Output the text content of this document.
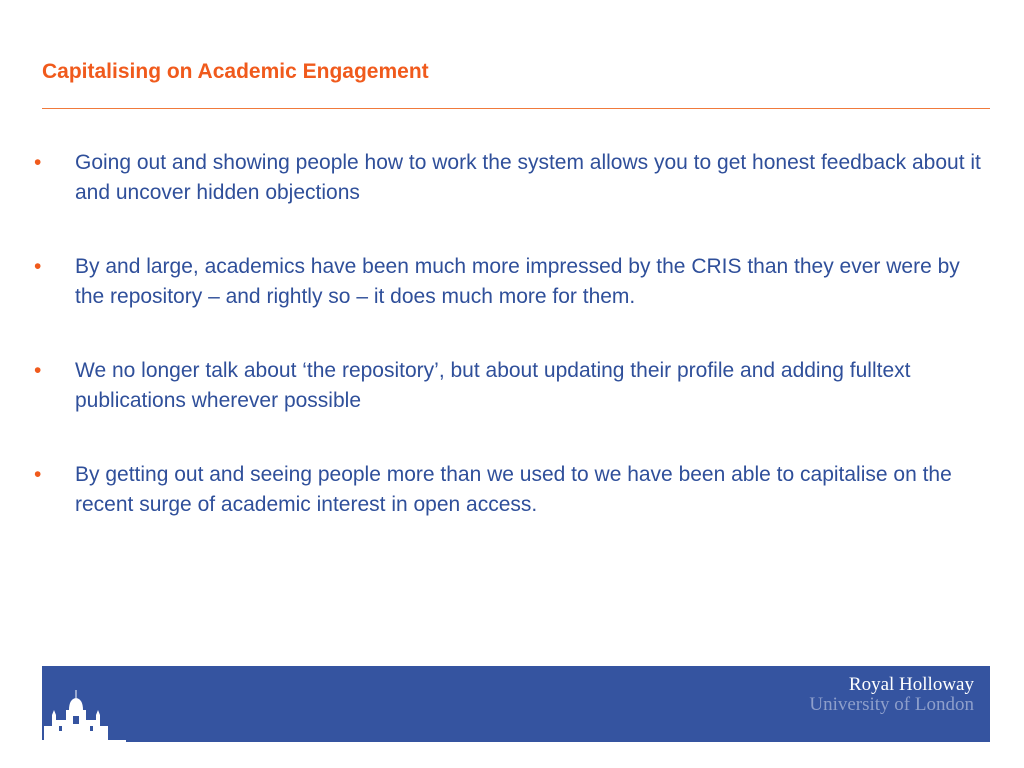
Capitalising on Academic Engagement
•	Going out and showing people how to work the system allows you to get honest feedback about it and uncover hidden objections
•	By and large, academics have been much more impressed by the CRIS than they ever were by the repository – and rightly so – it does much more for them.
•	We no longer talk about ‘the repository’, but about updating their profile and adding fulltext publications wherever possible
•	By getting out and seeing people more than we used to we have been able to capitalise on the recent surge of academic interest in open access.
Royal Holloway
University of London
